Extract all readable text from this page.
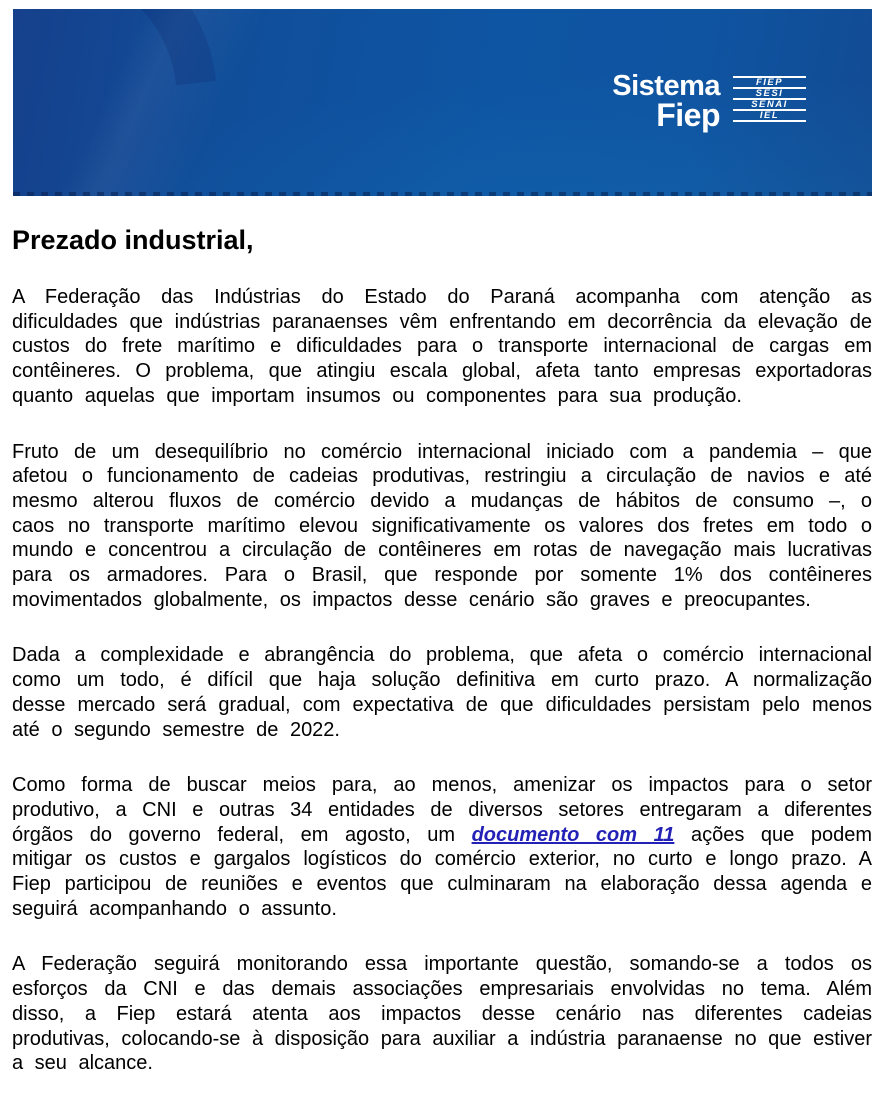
Sistema
Fiep
FIEP
SESI
SENAI
IEL
Prezado industrial,

A Federação das Indústrias do Estado do Paraná acompanha com atenção as dificuldades que indústrias paranaenses vêm enfrentando em decorrência da elevação de custos do frete marítimo e dificuldades para o transporte internacional de cargas em contêineres. O problema, que atingiu escala global, afeta tanto empresas exportadoras quanto aquelas que importam insumos ou componentes para sua produção.

Fruto de um desequilíbrio no comércio internacional iniciado com a pandemia – que afetou o funcionamento de cadeias produtivas, restringiu a circulação de navios e até mesmo alterou fluxos de comércio devido a mudanças de hábitos de consumo –, o caos no transporte marítimo elevou significativamente os valores dos fretes em todo o mundo e concentrou a circulação de contêineres em rotas de navegação mais lucrativas para os armadores. Para o Brasil, que responde por somente 1% dos contêineres movimentados globalmente, os impactos desse cenário são graves e preocupantes.

Dada a complexidade e abrangência do problema, que afeta o comércio internacional como um todo, é difícil que haja solução definitiva em curto prazo. A normalização desse mercado será gradual, com expectativa de que dificuldades persistam pelo menos até o segundo semestre de 2022.

Como forma de buscar meios para, ao menos, amenizar os impactos para o setor produtivo, a CNI e outras 34 entidades de diversos setores entregaram a diferentes órgãos do governo federal, em agosto, um documento com 11 ações que podem mitigar os custos e gargalos logísticos do comércio exterior, no curto e longo prazo. A Fiep participou de reuniões e eventos que culminaram na elaboração dessa agenda e seguirá acompanhando o assunto.

A Federação seguirá monitorando essa importante questão, somando-se a todos os esforços da CNI e das demais associações empresariais envolvidas no tema. Além disso, a Fiep estará atenta aos impactos desse cenário nas diferentes cadeias produtivas, colocando-se à disposição para auxiliar a indústria paranaense no que estiver a seu alcance.
